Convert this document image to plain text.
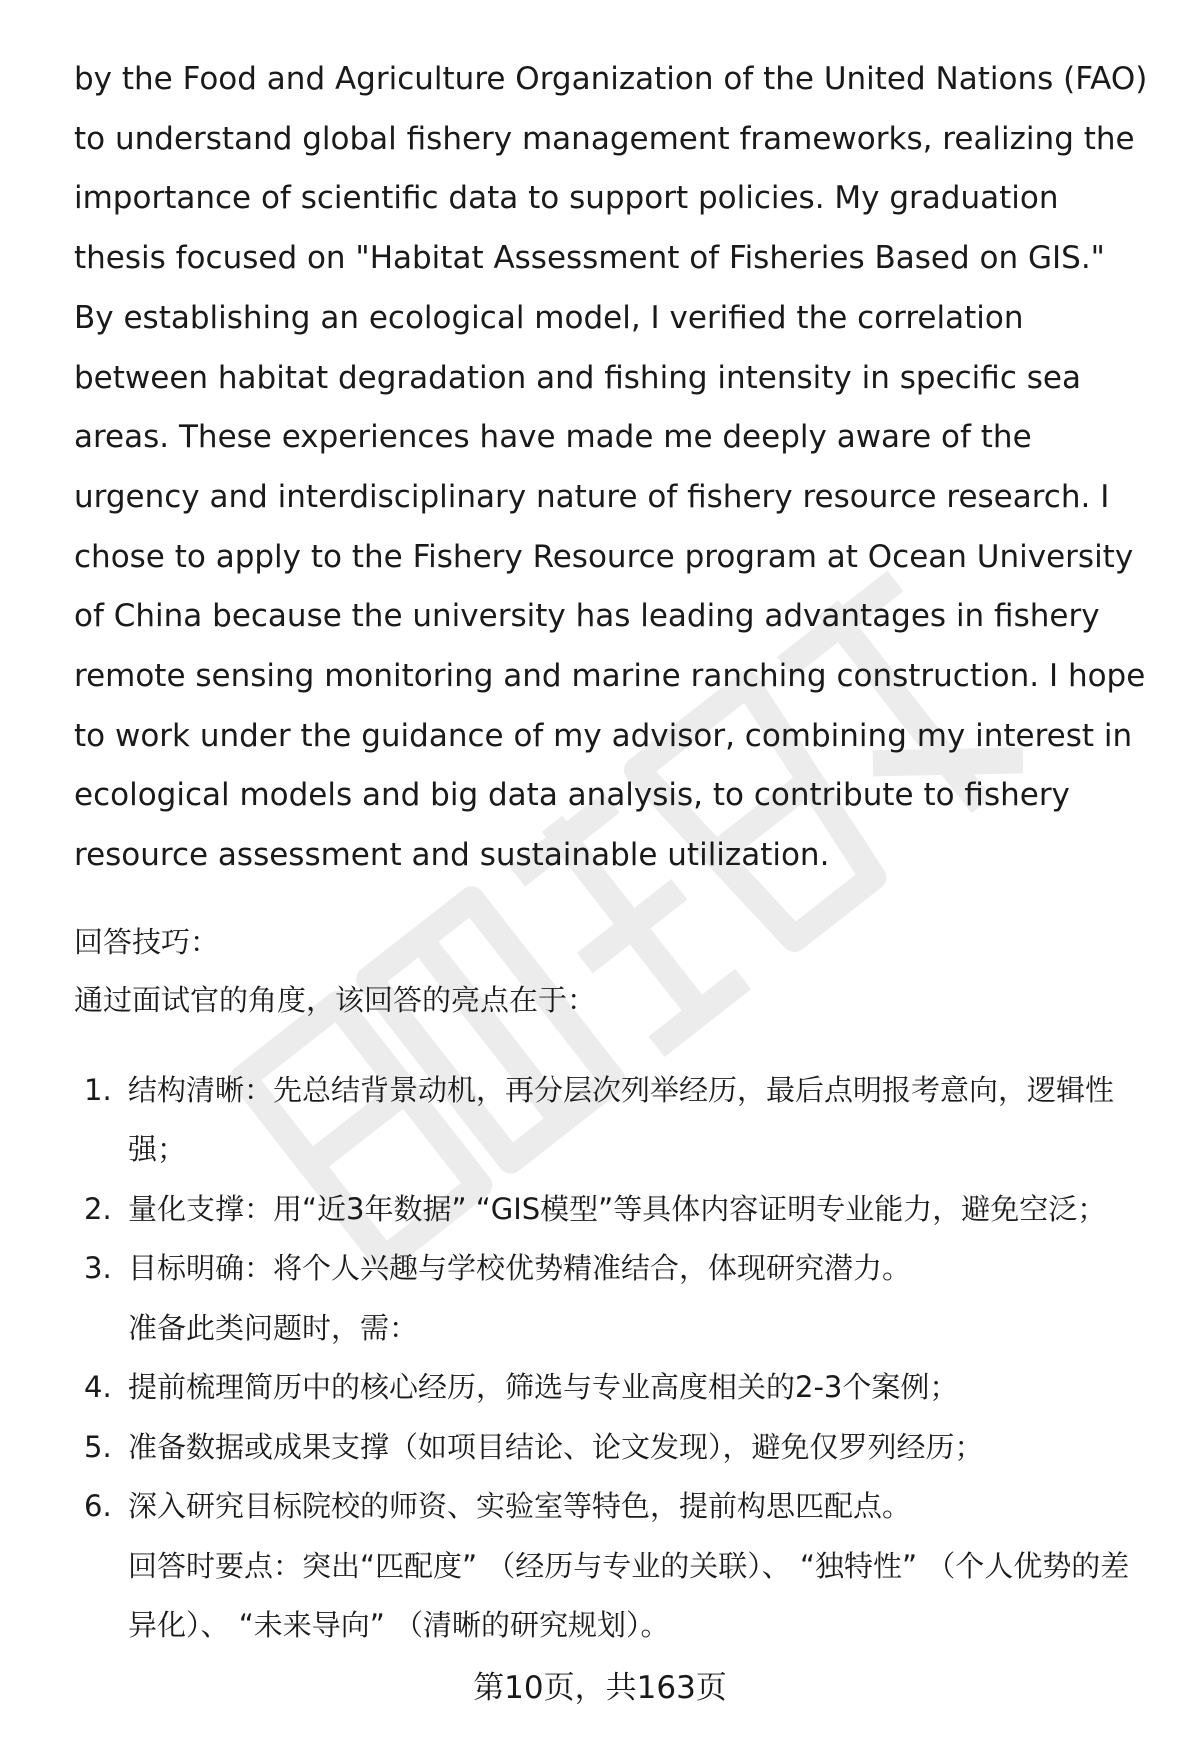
by the Food and Agriculture Organization of the United Nations (FAO) to understand global fishery management frameworks, realizing the importance of scientific data to support policies. My graduation thesis focused on "Habitat Assessment of Fisheries Based on GIS." By establishing an ecological model, I verified the correlation between habitat degradation and fishing intensity in specific sea areas. These experiences have made me deeply aware of the urgency and interdisciplinary nature of fishery resource research. I chose to apply to the Fishery Resource program at Ocean University of China because the university has leading advantages in fishery remote sensing monitoring and marine ranching construction. I hope to work under the guidance of my advisor, combining my interest in ecological models and big data analysis, to contribute to fishery resource assessment and sustainable utilization.

回答技巧：

通过面试官的角度，该回答的亮点在于：

1. 结构清晰：先总结背景动机，再分层次列举经历，最后点明报考意向，逻辑性强；
2. 量化支撑：用“近3年数据” “GIS模型”等具体内容证明专业能力，避免空泛；
3. 目标明确：将个人兴趣与学校优势精准结合，体现研究潜力。
准备此类问题时，需：
4. 提前梳理简历中的核心经历，筛选与专业高度相关的2-3个案例；
5. 准备数据或成果支撑（如项目结论、论文发现），避免仅罗列经历；
6. 深入研究目标院校的师资、实验室等特色，提前构思匹配点。
回答时要点：突出“匹配度” （经历与专业的关联）、 “独特性” （个人优势的差异化）、 “未来导向” （清晰的研究规划）。
第10页，共163页
